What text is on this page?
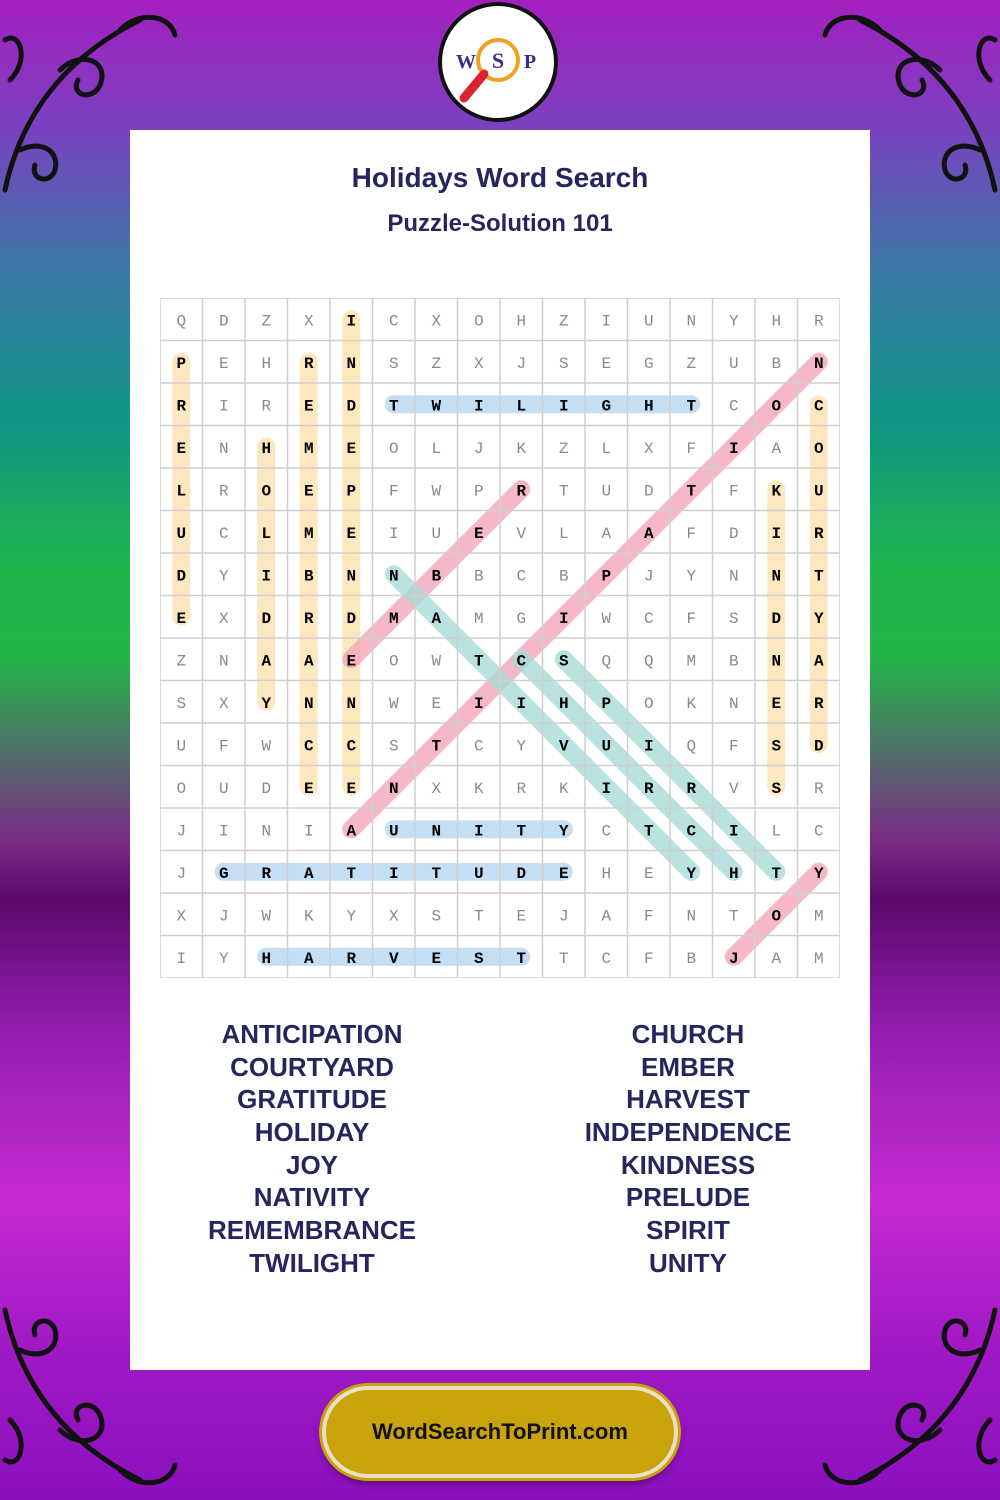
W S P
Holidays Word Search
Puzzle-Solution 101
Q D Z X I C X O H Z I U N Y H R
P E H R N S Z X J S E G Z U B N
R I R E D T W I L I G H T C O C
E N H M E O L J K Z L X F I A O
L R O E P F W P R T U D T F K U
U C L M E I U E V L A A F D I R
D Y I B N N B B C B P J Y N N T
E X D R D M A M G I W C F S D Y
Z N A A E O W T C S Q Q M B N A
S X Y N N W E I I H P O K N E R
U F W C C S T C Y V U I Q F S D
O U D E E N X K R K I R R V S R
J I N I A U N I T Y C T C I L C
J G R A T I T U D E H E Y H T Y
X J W K Y X S T E J A F N T O M
I Y H A R V E S T T C F B J A M
ANTICIPATION
COURTYARD
GRATITUDE
HOLIDAY
JOY
NATIVITY
REMEMBRANCE
TWILIGHT
CHURCH
EMBER
HARVEST
INDEPENDENCE
KINDNESS
PRELUDE
SPIRIT
UNITY
WordSearchToPrint.com
